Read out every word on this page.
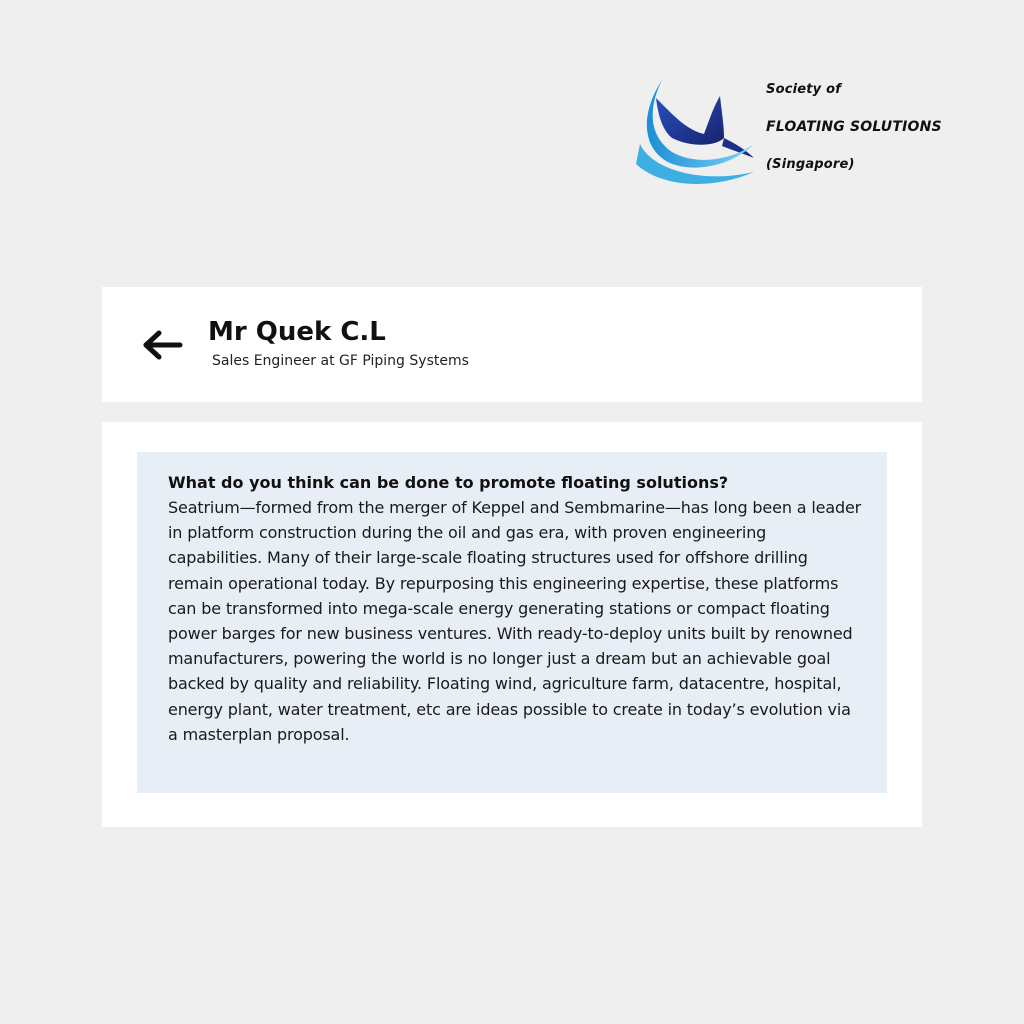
Society of
FLOATING SOLUTIONS
(Singapore)
Mr Quek C.L
Sales Engineer at GF Piping Systems
What do you think can be done to promote floating solutions?
Seatrium—formed from the merger of Keppel and Sembmarine—has long been a leader in platform construction during the oil and gas era, with proven engineering capabilities. Many of their large-scale floating structures used for offshore drilling remain operational today. By repurposing this engineering expertise, these platforms can be transformed into mega-scale energy generating stations or compact floating power barges for new business ventures. With ready-to-deploy units built by renowned manufacturers, powering the world is no longer just a dream but an achievable goal backed by quality and reliability. Floating wind, agriculture farm, datacentre, hospital, energy plant, water treatment, etc are ideas possible to create in today’s evolution via a masterplan proposal.
